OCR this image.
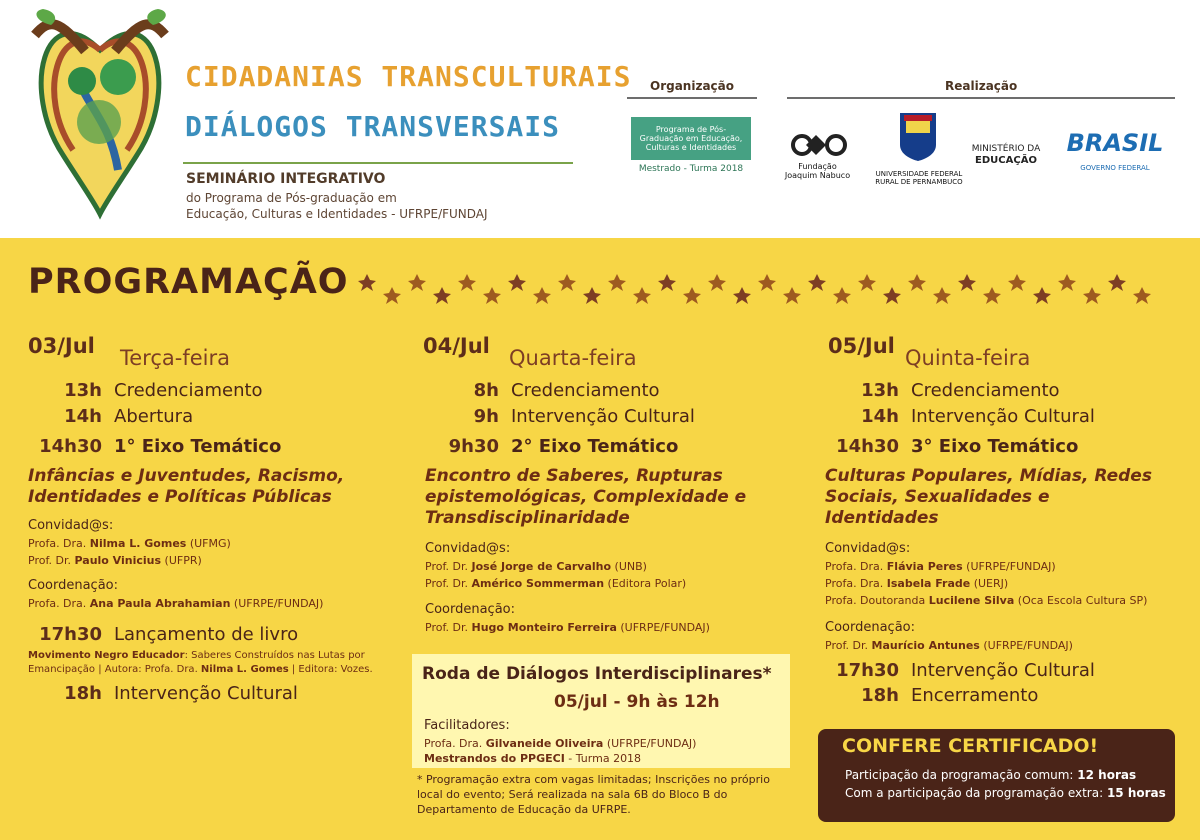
CIDADANIAS TRANSCULTURAIS
DIÁLOGOS TRANSVERSAIS
SEMINÁRIO INTEGRATIVO
do Programa de Pós-graduação em
Educação, Culturas e Identidades - UFRPE/FUNDAJ
Organização	Realização
Programa de Pós-Graduação em Educação, Culturas e Identidades
Mestrado - Turma 2018	Fundação Joaquim Nabuco	UNIVERSIDADE FEDERAL RURAL DE PERNAMBUCO
MINISTÉRIO DA
EDUCAÇÃO
BRASIL
GOVERNO FEDERAL
PROGRAMAÇÃO
03/Jul Terça-feira
13h Credenciamento
14h Abertura
14h30 1° Eixo Temático
Infâncias e Juventudes, Racismo, Identidades e Políticas Públicas
Convidad@s:
Profa. Dra. Nilma L. Gomes (UFMG)
Prof. Dr. Paulo Vinicius (UFPR)
Coordenação:
Profa. Dra. Ana Paula Abrahamian (UFRPE/FUNDAJ)
17h30 Lançamento de livro
18h Intervenção Cultural
Movimento Negro Educador: Saberes Construídos nas Lutas por
Emancipação | Autora: Profa. Dra. Nilma L. Gomes | Editora: Vozes.
04/Jul Quarta-feira
8h Credenciamento
9h Intervenção Cultural
9h30 2° Eixo Temático
Encontro de Saberes, Rupturas epistemológicas, Complexidade e Transdisciplinaridade
Convidad@s:
Prof. Dr. José Jorge de Carvalho (UNB)
Prof. Dr. Américo Sommerman (Editora Polar)
Coordenação:
Prof. Dr. Hugo Monteiro Ferreira (UFRPE/FUNDAJ)
05/Jul Quinta-feira
13h Credenciamento
14h Intervenção Cultural
14h30 3° Eixo Temático
Culturas Populares, Mídias, Redes Sociais, Sexualidades e Identidades
Convidad@s:
Profa. Dra. Flávia Peres (UFRPE/FUNDAJ)
Profa. Dra. Isabela Frade (UERJ)
Profa. Doutoranda Lucilene Silva (Oca Escola Cultura SP)
Coordenação:
Prof. Dr. Maurício Antunes (UFRPE/FUNDAJ)
17h30 Intervenção Cultural
18h Encerramento
Roda de Diálogos Interdisciplinares*
05/jul - 9h às 12h
Facilitadores:
Profa. Dra. Gilvaneide Oliveira (UFRPE/FUNDAJ)
Mestrandos do PPGECI - Turma 2018
* Programação extra com vagas limitadas; Inscrições no próprio local do evento; Será realizada na sala 6B do Bloco B do Departamento de Educação da UFRPE.
CONFERE CERTIFICADO!
Participação da programação comum: 12 horas
Com a participação da programação extra: 15 horas
